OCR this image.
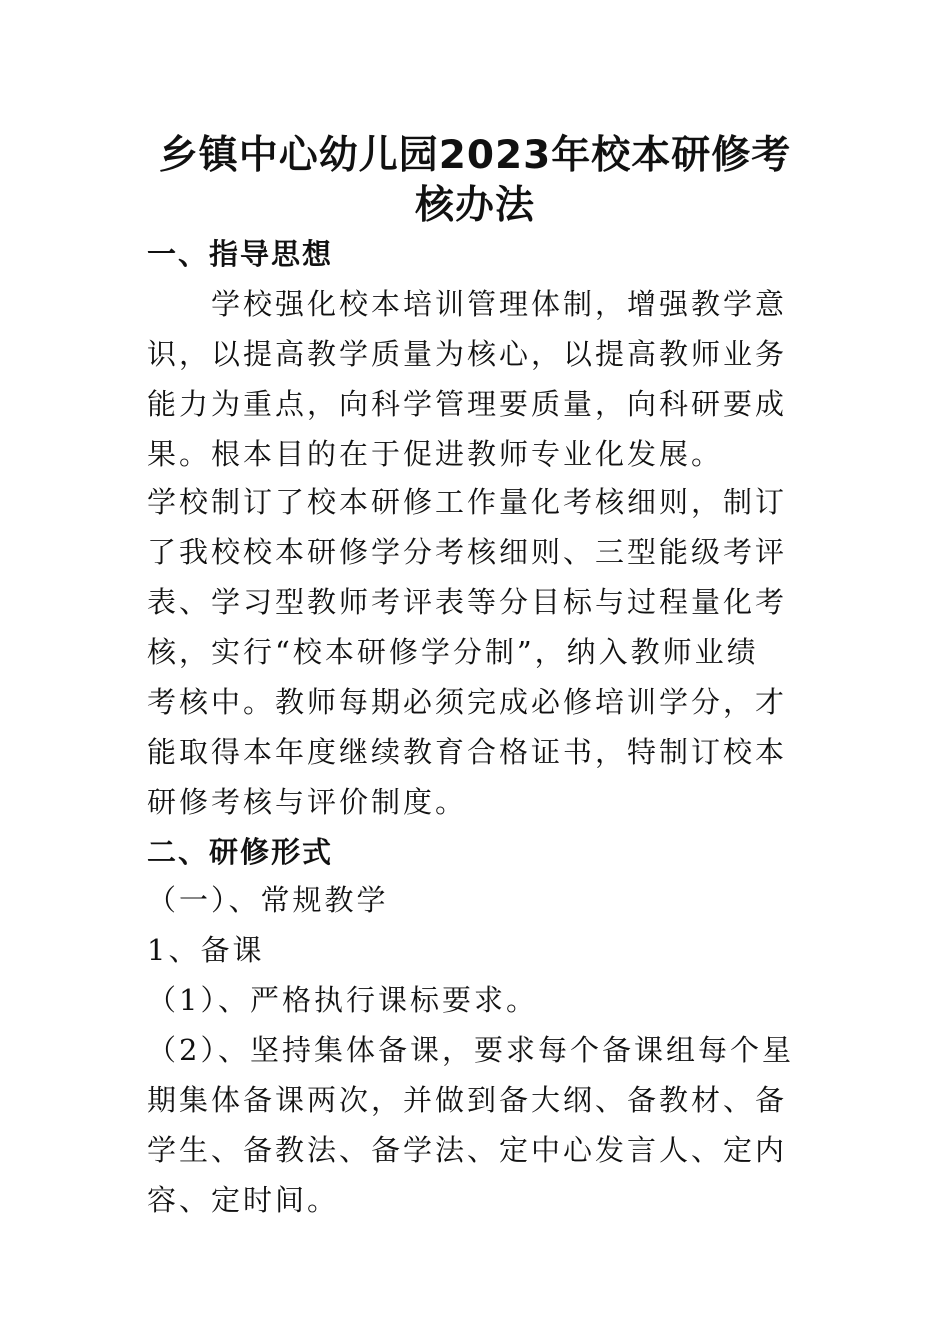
乡镇中心幼儿园2023年校本研修考
核办法
一、指导思想

学校强化校本培训管理体制，增强教学意

识，以提高教学质量为核心，以提高教师业务

能力为重点，向科学管理要质量，向科研要成

果。根本目的在于促进教师专业化发展。

学校制订了校本研修工作量化考核细则，制订

了我校校本研修学分考核细则、三型能级考评

表、学习型教师考评表等分目标与过程量化考

核，实行“校本研修学分制”，纳入教师业绩

考核中。教师每期必须完成必修培训学分，才

能取得本年度继续教育合格证书，特制订校本

研修考核与评价制度。

二、研修形式

（一）、常规教学

1、备课

（1）、严格执行课标要求。

（2）、坚持集体备课，要求每个备课组每个星

期集体备课两次，并做到备大纲、备教材、备

学生、备教法、备学法、定中心发言人、定内

容、定时间。
